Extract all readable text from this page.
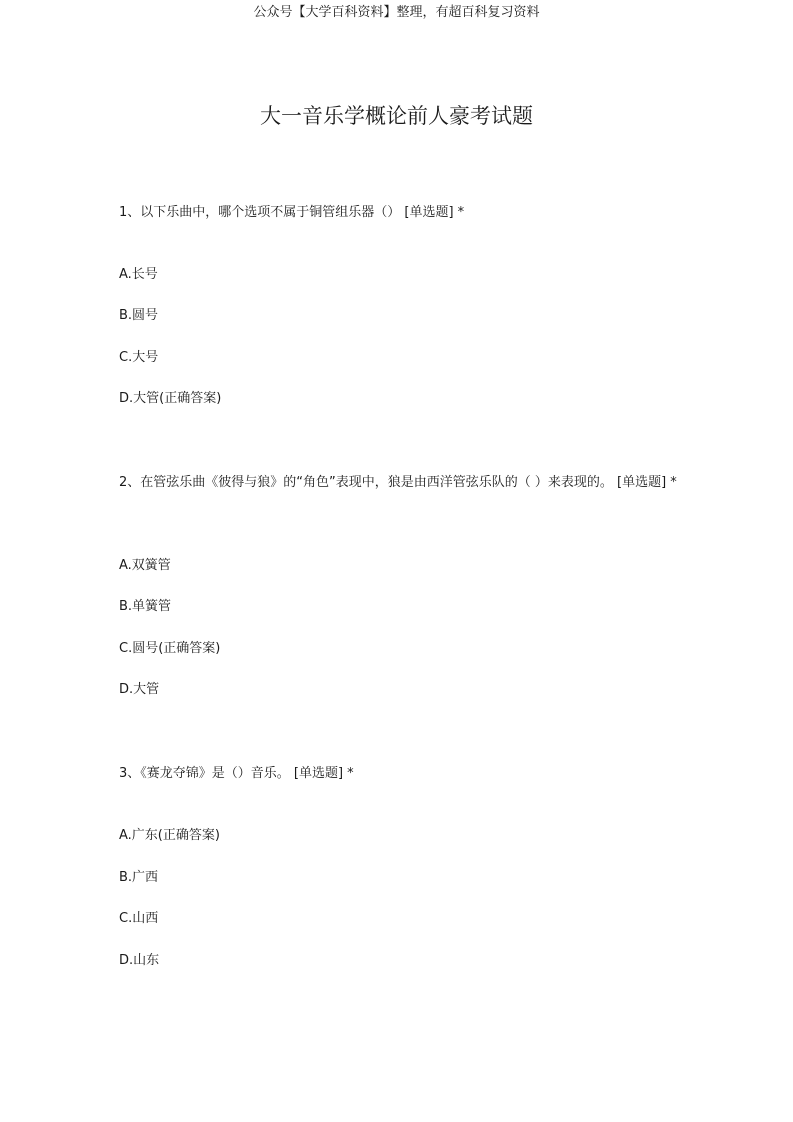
公众号【大学百科资料】整理，有超百科复习资料
大一音乐学概论前人豪考试题

1、以下乐曲中，哪个选项不属于铜管组乐器（） [单选题] *

A.长号
B.圆号
C.大号
D.大管(正确答案)

2、在管弦乐曲《彼得与狼》的“角色”表现中，狼是由西洋管弦乐队的（ ）来表现的。 [单选题] *

A.双簧管
B.单簧管
C.圆号(正确答案)
D.大管

3、《赛龙夺锦》是（）音乐。 [单选题] *

A.广东(正确答案)
B.广西
C.山西
D.山东
